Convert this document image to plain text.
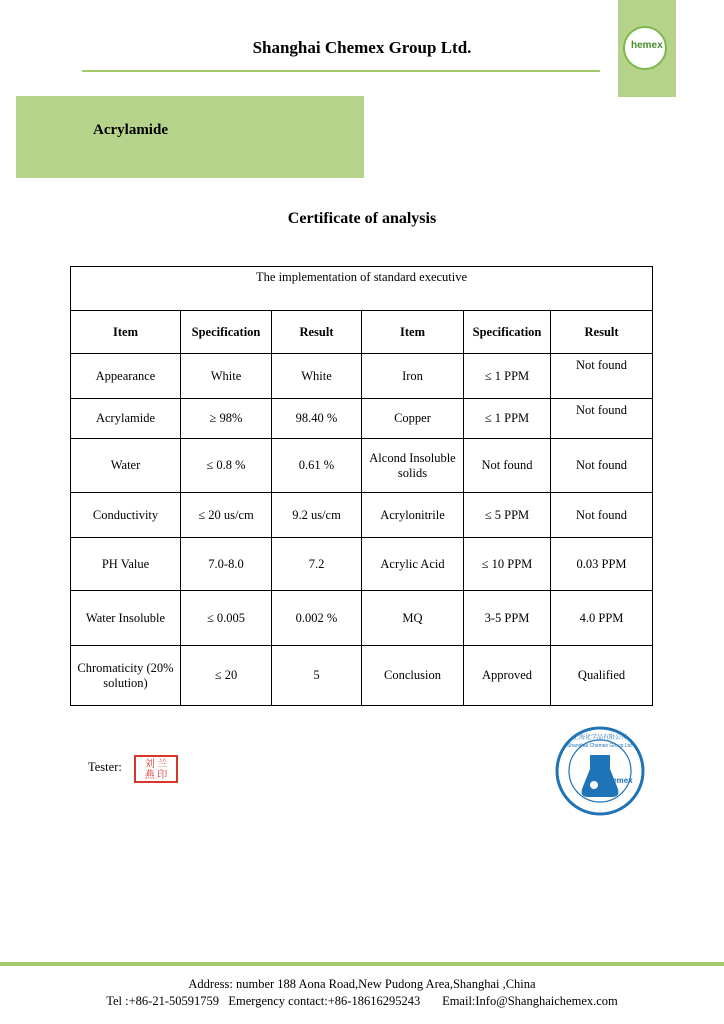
Shanghai Chemex Group Ltd.	hemex
Acrylamide
Certificate of analysis
The implementation of standard executive					
Item	Specification	Result	Item	Specification	Result
Appearance	White	White	Iron	≤ 1 PPM	Not found
Acrylamide	≥ 98%	98.40 %	Copper	≤ 1 PPM	Not found
Water	≤ 0.8 %	0.61 %	Alcond Insoluble solids	Not found	Not found
Conductivity	≤ 20 us/cm	9.2 us/cm	Acrylonitrile	≤ 5 PPM	Not found
PH Value	7.0-8.0	7.2	Acrylic Acid	≤ 10 PPM	0.03 PPM
Water Insoluble	≤ 0.005	0.002 %	MQ	3-5 PPM	4.0 PPM
Chromaticity (20% solution)	≤ 20	5	Conclusion	Approved	Qualified
Tester:	刘 兰
燕 印
上海化学品有限公司
Shanghai Chemex Group Ltd.
hemex
Address: number 188 Aona Road,New Pudong Area,Shanghai ,China
Tel :+86-21-50591759   Emergency contact:+86-18616295243       Email:Info@Shanghaichemex.com
